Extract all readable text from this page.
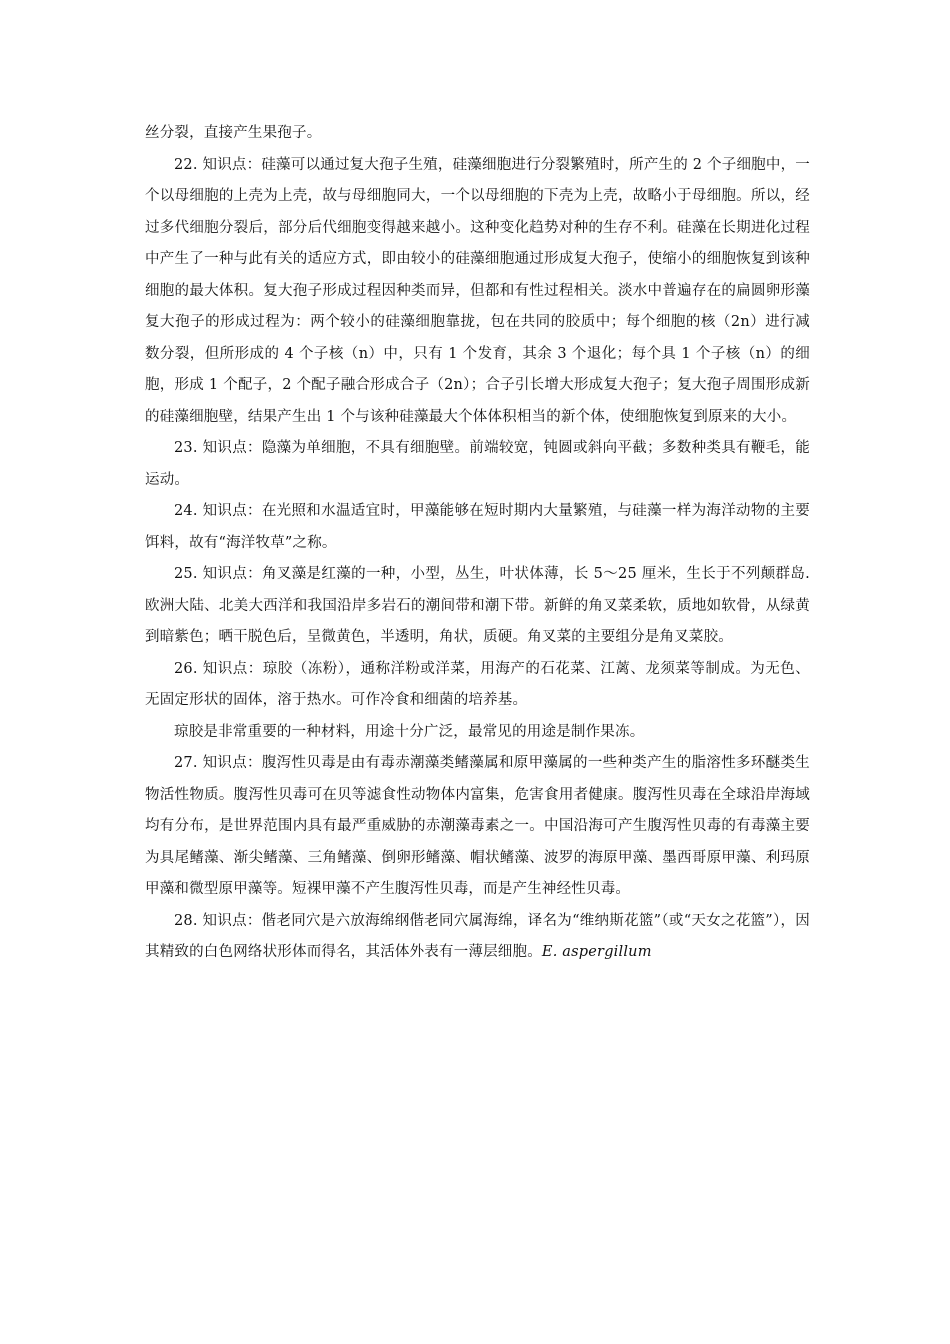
丝分裂，直接产生果孢子。

22. 知识点：硅藻可以通过复大孢子生殖，硅藻细胞进行分裂繁殖时，所产生的 2 个子细胞中，一个以母细胞的上壳为上壳，故与母细胞同大，一个以母细胞的下壳为上壳，故略小于母细胞。所以，经过多代细胞分裂后，部分后代细胞变得越来越小。这种变化趋势对种的生存不利。硅藻在长期进化过程中产生了一种与此有关的适应方式，即由较小的硅藻细胞通过形成复大孢子，使缩小的细胞恢复到该种细胞的最大体积。复大孢子形成过程因种类而异，但都和有性过程相关。淡水中普遍存在的扁圆卵形藻复大孢子的形成过程为：两个较小的硅藻细胞靠拢，包在共同的胶质中；每个细胞的核（2n）进行减数分裂，但所形成的 4 个子核（n）中，只有 1 个发育，其余 3 个退化；每个具 1 个子核（n）的细胞，形成 1 个配子，2 个配子融合形成合子（2n）；合子引长增大形成复大孢子；复大孢子周围形成新的硅藻细胞壁，结果产生出 1 个与该种硅藻最大个体体积相当的新个体，使细胞恢复到原来的大小。

23. 知识点：隐藻为单细胞，不具有细胞壁。前端较宽，钝圆或斜向平截；多数种类具有鞭毛，能运动。

24. 知识点：在光照和水温适宜时，甲藻能够在短时期内大量繁殖，与硅藻一样为海洋动物的主要饵料，故有“海洋牧草”之称。

25. 知识点：角叉藻是红藻的一种，小型，丛生，叶状体薄，长 5～25 厘米，生长于不列颠群岛. 欧洲大陆、北美大西洋和我国沿岸多岩石的潮间带和潮下带。新鲜的角叉菜柔软，质地如软骨，从绿黄到暗紫色；晒干脱色后，呈微黄色，半透明，角状，质硬。角叉菜的主要组分是角叉菜胶。

26. 知识点：琼胶（冻粉），通称洋粉或洋菜，用海产的石花菜、江蓠、龙须菜等制成。为无色、无固定形状的固体，溶于热水。可作冷食和细菌的培养基。

琼胶是非常重要的一种材料，用途十分广泛，最常见的用途是制作果冻。

27. 知识点：腹泻性贝毒是由有毒赤潮藻类鳍藻属和原甲藻属的一些种类产生的脂溶性多环醚类生物活性物质。腹泻性贝毒可在贝等滤食性动物体内富集，危害食用者健康。腹泻性贝毒在全球沿岸海域均有分布，是世界范围内具有最严重威胁的赤潮藻毒素之一。中国沿海可产生腹泻性贝毒的有毒藻主要为具尾鳍藻、渐尖鳍藻、三角鳍藻、倒卵形鳍藻、帽状鳍藻、波罗的海原甲藻、墨西哥原甲藻、利玛原甲藻和微型原甲藻等。短裸甲藻不产生腹泻性贝毒，而是产生神经性贝毒。

28. 知识点：偕老同穴是六放海绵纲偕老同穴属海绵，译名为“维纳斯花篮”（或“天女之花篮”），因其精致的白色网络状形体而得名，其活体外表有一薄层细胞。E. aspergillum
